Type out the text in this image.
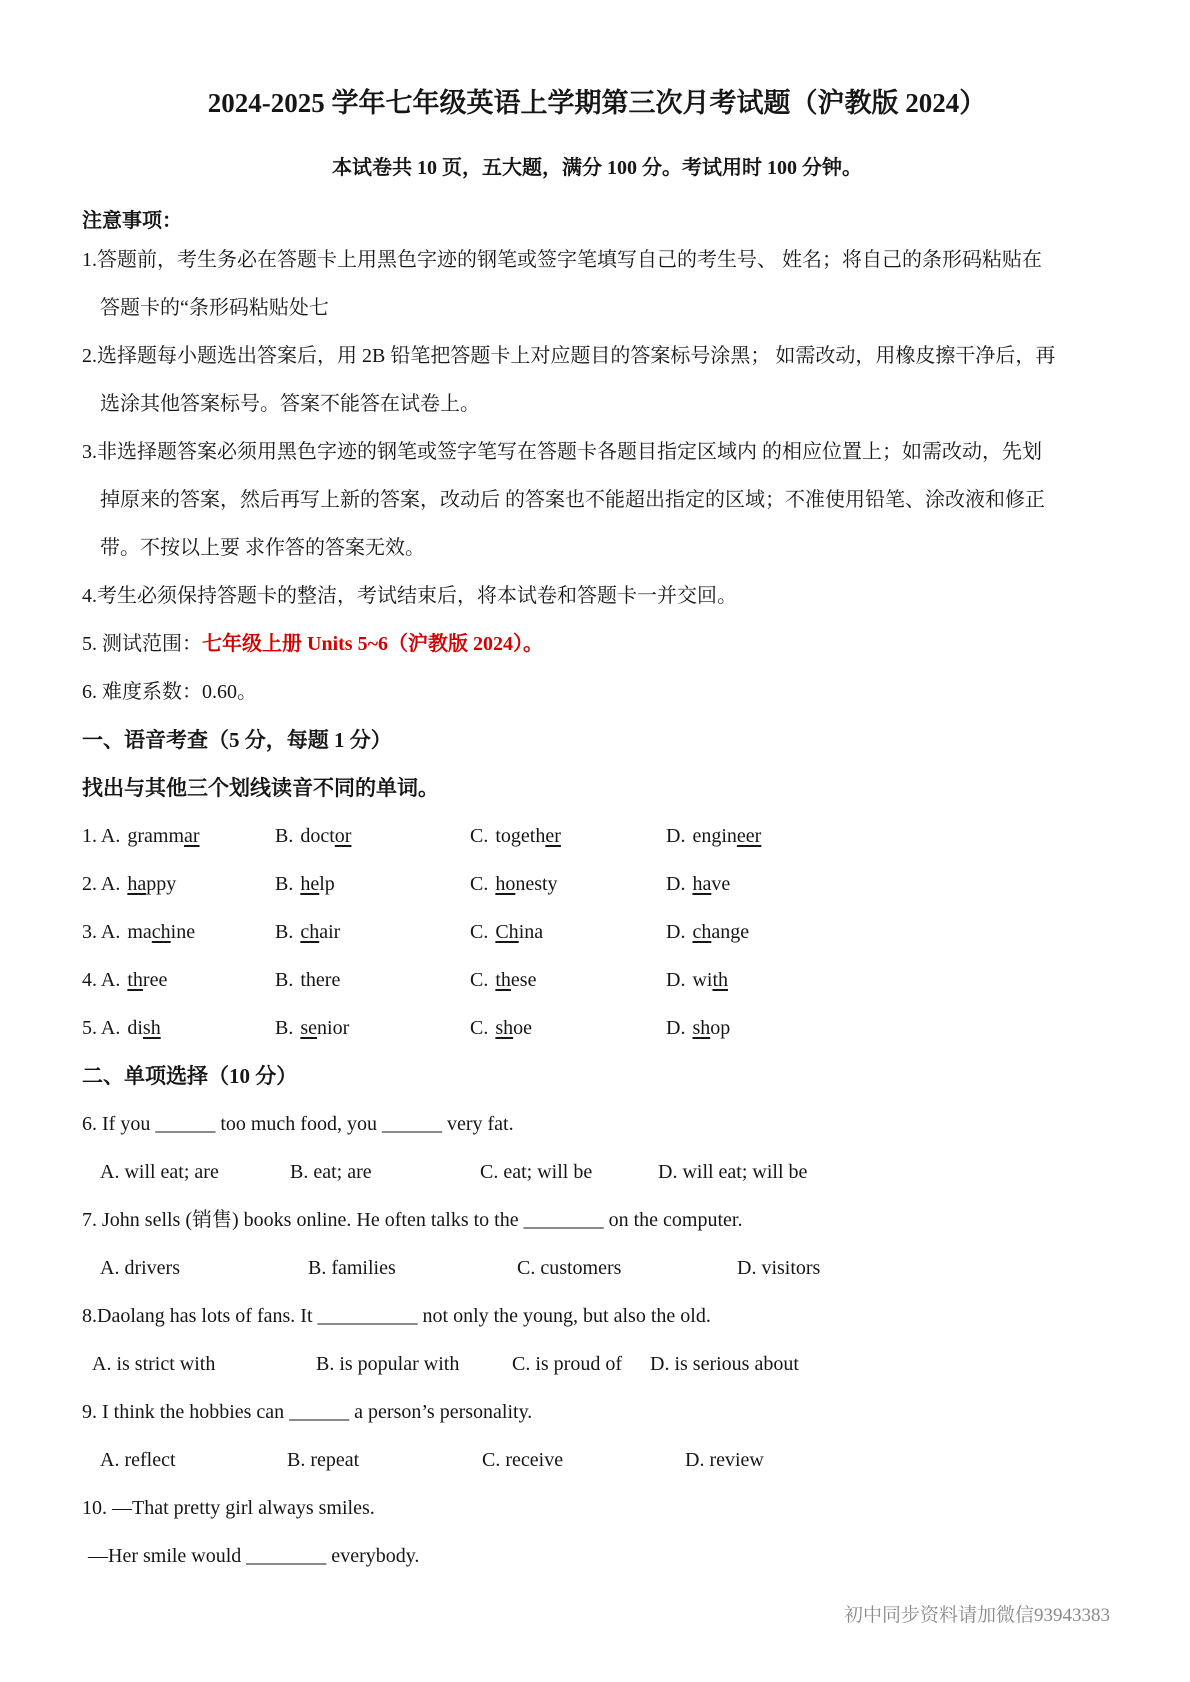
2024-2025 学年七年级英语上学期第三次月考试题（沪教版 2024）
本试卷共 10 页，五大题，满分 100 分。考试用时 100 分钟。
注意事项：
1.答题前，考生务必在答题卡上用黑色字迹的钢笔或签字笔填写自己的考生号、 姓名；将自己的条形码粘贴在
答题卡的“条形码粘贴处七
2.选择题每小题选出答案后，用 2B 铅笔把答题卡上对应题目的答案标号涂黑； 如需改动，用橡皮擦干净后，再
选涂其他答案标号。答案不能答在试卷上。
3.非选择题答案必须用黑色字迹的钢笔或签字笔写在答题卡各题目指定区域内 的相应位置上；如需改动，先划
掉原来的答案，然后再写上新的答案，改动后 的答案也不能超出指定的区域；不准使用铅笔、涂改液和修正
带。不按以上要 求作答的答案无效。
4.考生必须保持答题卡的整洁，考试结束后，将本试卷和答题卡一并交回。
5. 测试范围：七年级上册 Units 5~6（沪教版 2024）。
6. 难度系数：0.60。
一、语音考查（5 分，每题 1 分）
找出与其他三个划线读音不同的单词。
1. A. grammar	B. doctor	C. together	D. engineer
2. A. happy	B. help	C. honesty	D. have
3. A. machine	B. chair	C. China	D. change
4. A. three	B. there	C. these	D. with
5. A. dish	B. senior	C. shoe	D. shop
二、单项选择（10 分）
6. If you ______ too much food, you ______ very fat.
A. will eat; are	B. eat; are	C. eat; will be	D. will eat; will be
7. John sells (销售) books online. He often talks to the ________ on the computer.
A. drivers	B. families	C. customers	D. visitors
8.Daolang has lots of fans. It __________ not only the young, but also the old.
A. is strict with	B. is popular with	C. is proud of	D. is serious about
9. I think the hobbies can ______ a person’s personality.
A. reflect	B. repeat	C. receive	D. review
10. —That pretty girl always smiles.
—Her smile would ________ everybody.
初中同步资料请加微信93943383
